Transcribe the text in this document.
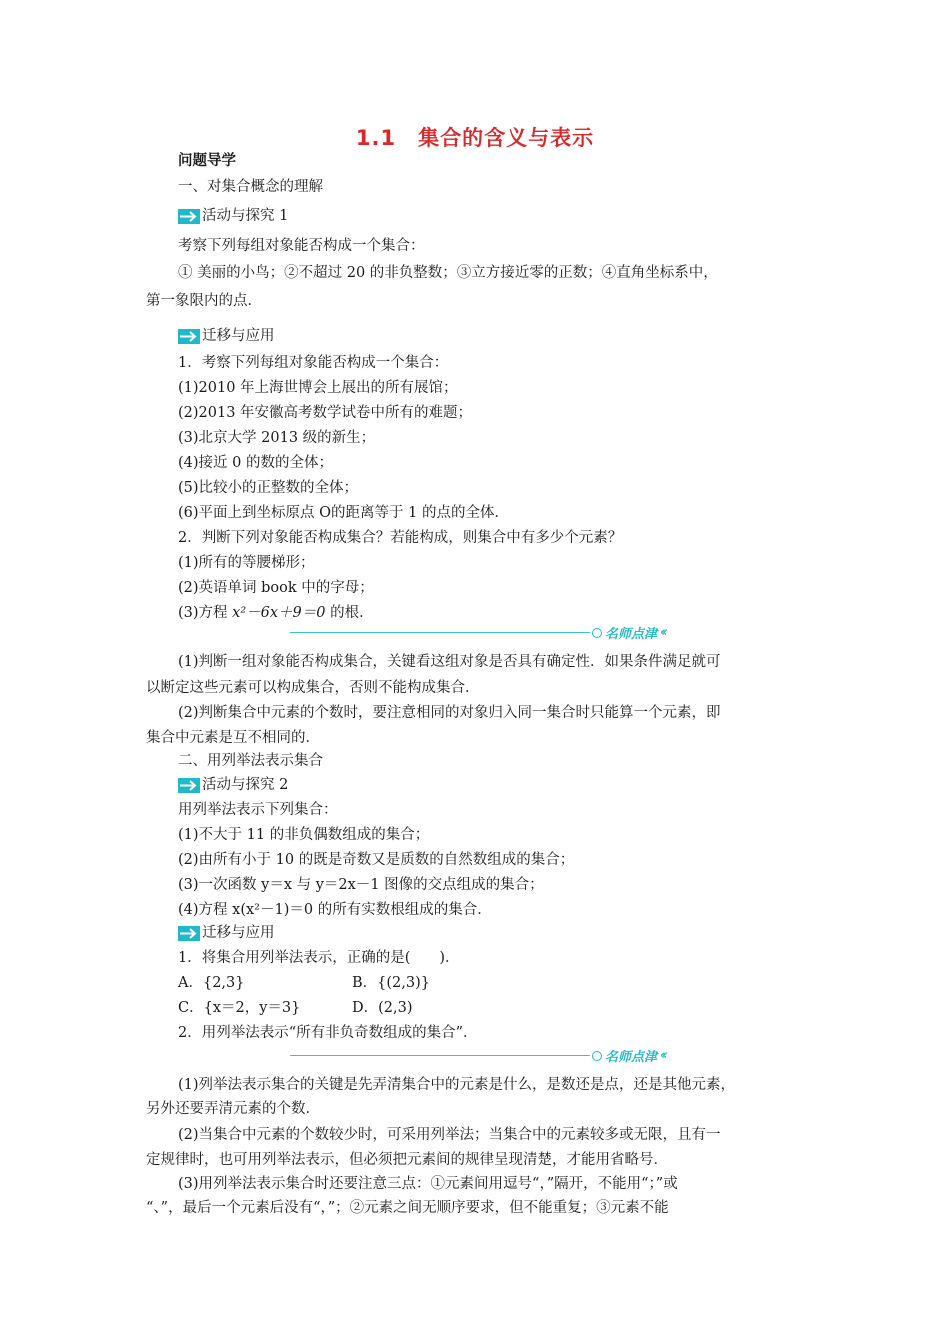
1.1　集合的含义与表示
问题导学
一、对集合概念的理解
活动与探究 1
考察下列每组对象能否构成一个集合：
① 美丽的小鸟；②不超过 20 的非负整数；③立方接近零的正数；④直角坐标系中，
第一象限内的点．
迁移与应用
1．考察下列每组对象能否构成一个集合：
(1)2010 年上海世博会上展出的所有展馆；
(2)2013 年安徽高考数学试卷中所有的难题；
(3)北京大学 2013 级的新生；
(4)接近 0 的数的全体；
(5)比较小的正整数的全体；
(6)平面上到坐标原点 O的距离等于 1 的点的全体．
2．判断下列对象能否构成集合？若能构成，则集合中有多少个元素？
(1)所有的等腰梯形；
(2)英语单词 book 中的字母；
(3)方程 x²－6x＋9＝0 的根．
名师点津 ‹‹
(1)判断一组对象能否构成集合，关键看这组对象是否具有确定性．如果条件满足就可
以断定这些元素可以构成集合，否则不能构成集合．
(2)判断集合中元素的个数时，要注意相同的对象归入同一集合时只能算一个元素，即
集合中元素是互不相同的．
二、用列举法表示集合
活动与探究 2
用列举法表示下列集合：
(1)不大于 11 的非负偶数组成的集合；
(2)由所有小于 10 的既是奇数又是质数的自然数组成的集合；
(3)一次函数 y＝x 与 y＝2x－1 图像的交点组成的集合；
(4)方程 x(x²－1)＝0 的所有实数根组成的集合．
迁移与应用
1．将集合用列举法表示，正确的是(　　)．
A．{2,3}	B．{(2,3)}
C．{x＝2，y＝3}	D．(2,3)
2．用列举法表示“所有非负奇数组成的集合”．
名师点津 ‹‹
(1)列举法表示集合的关键是先弄清集合中的元素是什么，是数还是点，还是其他元素，
另外还要弄清元素的个数．
(2)当集合中元素的个数较少时，可采用列举法；当集合中的元素较多或无限，且有一
定规律时，也可用列举法表示，但必须把元素间的规律呈现清楚，才能用省略号．
(3)用列举法表示集合时还要注意三点：①元素间用逗号“，”隔开，不能用“；”或
“、”，最后一个元素后没有“，”；②元素之间无顺序要求，但不能重复；③元素不能
